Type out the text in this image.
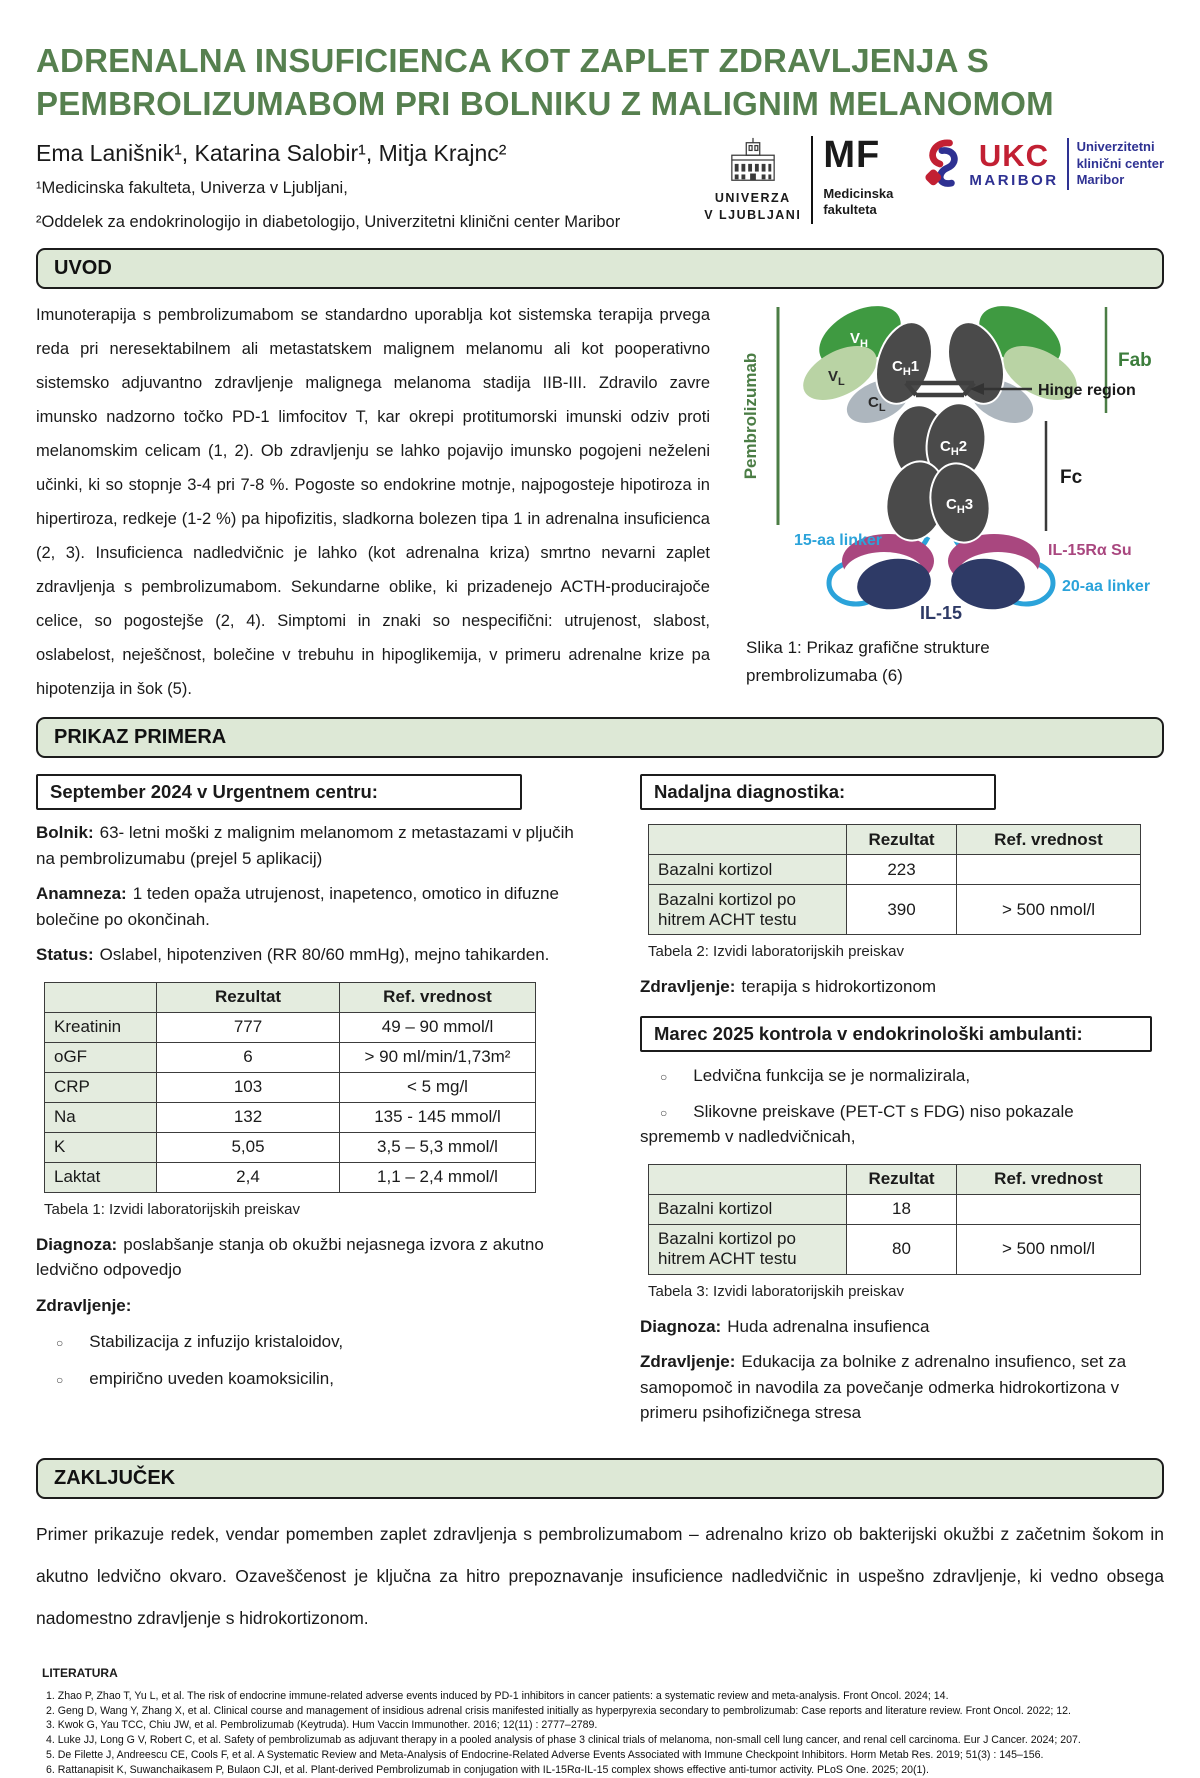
ADRENALNA INSUFICIENCA KOT ZAPLET ZDRAVLJENJA S
PEMBROLIZUMABOM PRI BOLNIKU Z MALIGNIM MELANOMOM
Ema Lanišnik¹, Katarina Salobir¹, Mitja Krajnc²
¹Medicinska fakulteta, Univerza v Ljubljani,
²Oddelek za endokrinologijo in diabetologijo, Univerzitetni klinični center Maribor
UNIVERZA
V LJUBLJANI
MF
Medicinska
fakulteta
UKC
MARIBOR
Univerzitetni
klinični center
Maribor
UVOD
Imunoterapija s pembrolizumabom se standardno uporablja kot sistemska terapija prvega reda pri neresektabilnem ali metastatskem malignem melanomu ali kot pooperativno sistemsko adjuvantno zdravljenje malignega melanoma stadija IIB-III. Zdravilo zavre imunsko nadzorno točko PD-1 limfocitov T, kar okrepi protitumorski imunski odziv proti melanomskim celicam (1, 2). Ob zdravljenju se lahko pojavijo imunsko pogojeni neželeni učinki, ki so stopnje 3-4 pri 7-8 %. Pogoste so endokrine motnje, najpogosteje hipotiroza in hipertiroza, redkeje (1-2 %) pa hipofizitis, sladkorna bolezen tipa 1 in adrenalna insuficienca (2, 3). Insuficienca nadledvičnic je lahko (kot adrenalna kriza) smrtno nevarni zaplet zdravljenja s pembrolizumabom. Sekundarne oblike, ki prizadenejo ACTH-producirajoče celice, so pogostejše (2, 4). Simptomi in znaki so nespecifični: utrujenost, slabost, oslabelost, neješčnost, bolečine v trebuhu in hipoglikemija, v primeru adrenalne krize pa hipotenzija in šok (5).
Pembrolizumab
$V_H$
$V_L$
$C_H1$
$C_L$
$C_H2$
$C_H3$
Fab
Hinge region
Fc
15-aa linker
IL-15Rα Su
20-aa linker
IL-15
Slika 1: Prikaz grafične strukture
prembrolizumaba (6)
PRIKAZ PRIMERA
September 2024 v Urgentnem centru:

Bolnik: 63- letni moški z malignim melanomom z metastazami v pljučih na pembrolizumabu (prejel 5 aplikacij)

Anamneza: 1 teden opaža utrujenost, inapetenco, omotico in difuzne bolečine po okončinah.

Status: Oslabel, hipotenziven (RR 80/60 mmHg), mejno tahikarden.

	Rezultat	Ref. vrednost
Kreatinin	777	49 – 90 mmol/l
oGF	6	> 90 ml/min/1,73m²
CRP	103	< 5 mg/l
Na	132	135 - 145 mmol/l
K	5,05	3,5 – 5,3 mmol/l
Laktat	2,4	1,1 – 2,4 mmol/l
Tabela 1: Izvidi laboratorijskih preiskav

Diagnoza: poslabšanje stanja ob okužbi nejasnega izvora z akutno ledvično odpovedjo

Zdravljenje:

○ Stabilizacija z infuzijo kristaloidov,
○ empirično uveden koamoksicilin,
Nadaljna diagnostika:
	Rezultat	Ref. vrednost
Bazalni kortizol	223	
Bazalni kortizol po hitrem ACHT testu	390	> 500 nmol/l
Tabela 2: Izvidi laboratorijskih preiskav

Zdravljenje: terapija s hidrokortizonom

Marec 2025 kontrola v endokrinološki ambulanti:
○ Ledvična funkcija se je normalizirala,
○ Slikovne preiskave (PET-CT s FDG) niso pokazale sprememb v nadledvičnicah,
	Rezultat	Ref. vrednost
Bazalni kortizol	18	
Bazalni kortizol po hitrem ACHT testu	80	> 500 nmol/l
Tabela 3: Izvidi laboratorijskih preiskav

Diagnoza: Huda adrenalna insufienca

Zdravljenje: Edukacija za bolnike z adrenalno insufienco, set za samopomoč in navodila za povečanje odmerka hidrokortizona v primeru psihofizičnega stresa

ZAKLJUČEK

Primer prikazuje redek, vendar pomemben zaplet zdravljenja s pembrolizumabom – adrenalno krizo ob bakterijski okužbi z začetnim šokom in akutno ledvično okvaro. Ozaveščenost je ključna za hitro prepoznavanje insuficience nadledvičnic in uspešno zdravljenje, ki vedno obsega nadomestno zdravljenje s hidrokortizonom.

LITERATURA
1. Zhao P, Zhao T, Yu L, et al. The risk of endocrine immune-related adverse events induced by PD-1 inhibitors in cancer patients: a systematic review and meta-analysis. Front Oncol. 2024; 14.
2. Geng D, Wang Y, Zhang X, et al. Clinical course and management of insidious adrenal crisis manifested initially as hyperpyrexia secondary to pembrolizumab: Case reports and literature review. Front Oncol. 2022; 12.
3. Kwok G, Yau TCC, Chiu JW, et al. Pembrolizumab (Keytruda). Hum Vaccin Immunother. 2016; 12(11) : 2777–2789.
4. Luke JJ, Long G V, Robert C, et al. Safety of pembrolizumab as adjuvant therapy in a pooled analysis of phase 3 clinical trials of melanoma, non-small cell lung cancer, and renal cell carcinoma. Eur J Cancer. 2024; 207.
5. De Filette J, Andreescu CE, Cools F, et al. A Systematic Review and Meta-Analysis of Endocrine-Related Adverse Events Associated with Immune Checkpoint Inhibitors. Horm Metab Res. 2019; 51(3) : 145–156.
6. Rattanapisit K, Suwanchaikasem P, Bulaon CJI, et al. Plant-derived Pembrolizumab in conjugation with IL-15Rα-IL-15 complex shows effective anti-tumor activity. PLoS One. 2025; 20(1).
